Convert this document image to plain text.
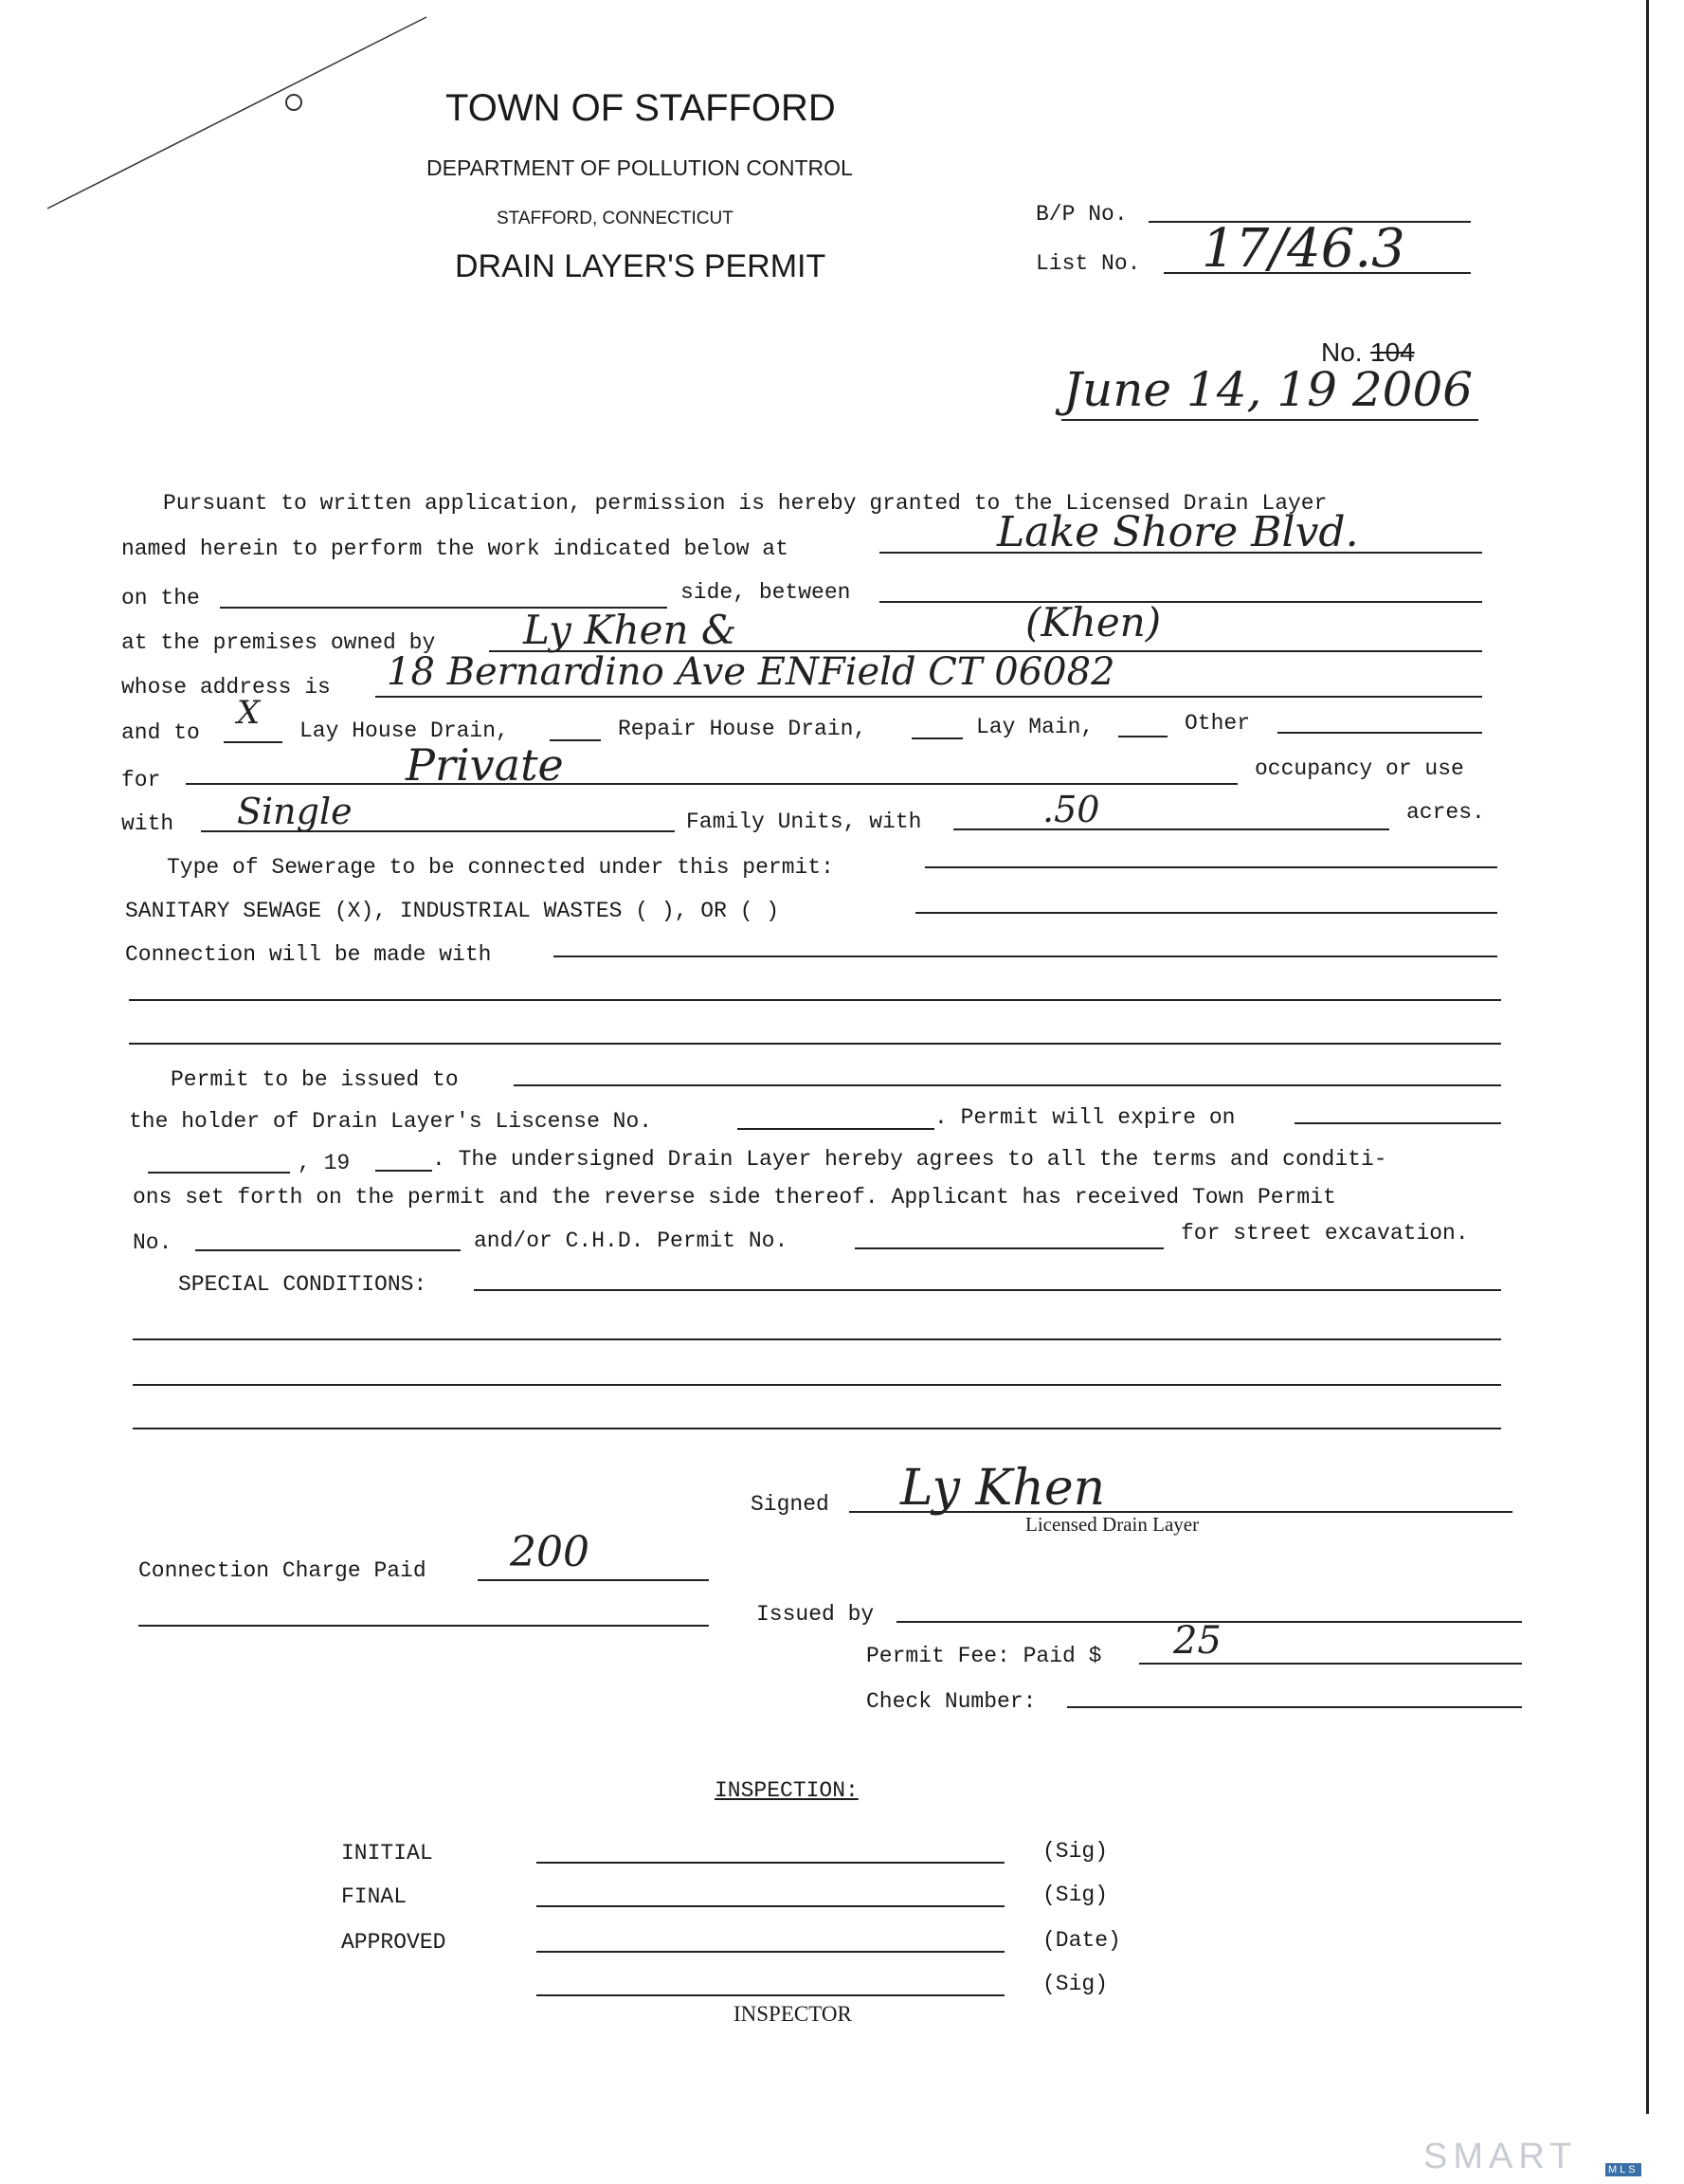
TOWN OF STAFFORD
DEPARTMENT OF POLLUTION CONTROL
STAFFORD, CONNECTICUT
DRAIN LAYER'S PERMIT
B/P No.
List No. 17/46.3
No. 104
June 14, 19 2006
Pursuant to written application, permission is hereby granted to the Licensed Drain Layer
named herein to perform the work indicated below at	Lake Shore Blvd.
on the	side, between
at the premises owned by Ly Khen &	(Khen)
whose address is 18 Bernardino Ave ENField CT 06082
and to
X Lay House Drain,	Repair House Drain,	Lay Main,	Other
for	Private	occupancy or use
with Single	Family Units, with	.50	acres.
Type of Sewerage to be connected under this permit:
SANITARY SEWAGE (X), INDUSTRIAL WASTES ( ), OR ( )
Connection will be made with
Permit to be issued to
the holder of Drain Layer's Liscense No.	. Permit will expire on
, 19	. The undersigned Drain Layer hereby agrees to all the terms and conditi-
ons set forth on the permit and the reverse side thereof. Applicant has received Town Permit
No.	and/or C.H.D. Permit No.	for street excavation.
SPECIAL CONDITIONS:
Signed Ly Khen
Licensed Drain Layer
Connection Charge Paid 200
Issued by
Permit Fee: Paid $ 25
Check Number:
INSPECTION:
INITIAL	(Sig)
FINAL	(Sig)
APPROVED	(Date)
(Sig)
INSPECTOR
SMART	MLS
